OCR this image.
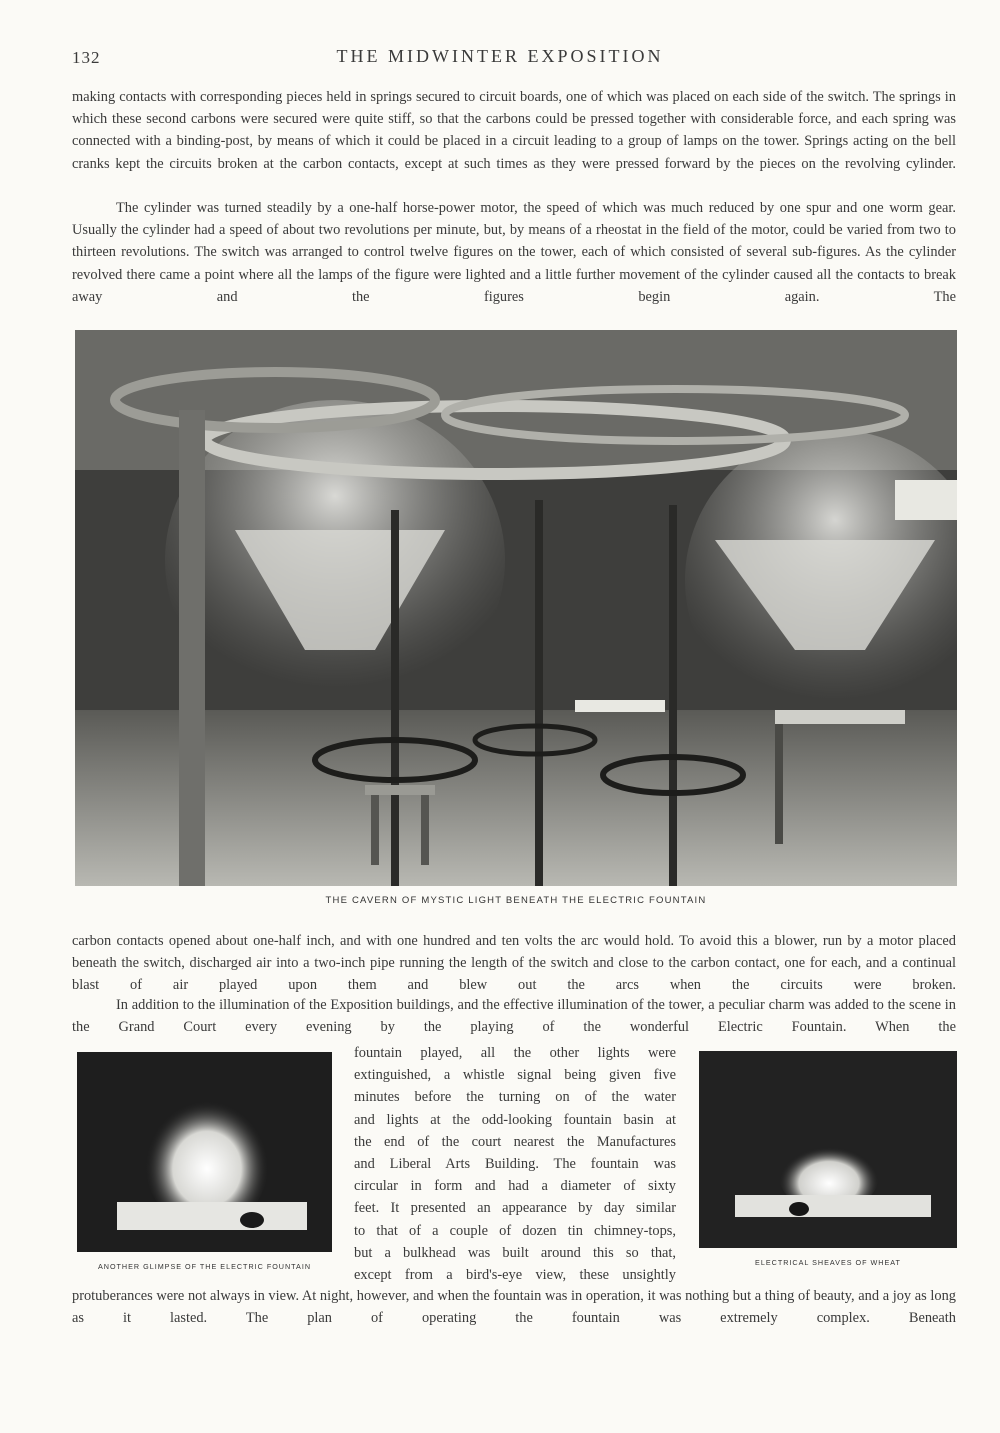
132	THE MIDWINTER EXPOSITION

making contacts with corresponding pieces held in springs secured to circuit boards, one of which was placed on each side of the switch. The springs in which these second carbons were secured were quite stiff, so that the carbons could be pressed together with considerable force, and each spring was connected with a binding-post, by means of which it could be placed in a circuit leading to a group of lamps on the tower. Springs acting on the bell cranks kept the circuits broken at the carbon contacts, except at such times as they were pressed forward by the pieces on the revolving cylinder.

The cylinder was turned steadily by a one-half horse-power motor, the speed of which was much reduced by one spur and one worm gear. Usually the cylinder had a speed of about two revolutions per minute, but, by means of a rheostat in the field of the motor, could be varied from two to thirteen revolutions. The switch was arranged to control twelve figures on the tower, each of which consisted of several sub-figures. As the cylinder revolved there came a point where all the lamps of the figure were lighted and a little further movement of the cylinder caused all the contacts to break away and the figures begin again. The

THE CAVERN OF MYSTIC LIGHT BENEATH THE ELECTRIC FOUNTAIN

carbon contacts opened about one-half inch, and with one hundred and ten volts the arc would hold. To avoid this a blower, run by a motor placed beneath the switch, discharged air into a two-inch pipe running the length of the switch and close to the carbon contact, one for each, and a continual blast of air played upon them and blew out the arcs when the circuits were broken.

In addition to the illumination of the Exposition buildings, and the effective illumination of the tower, a peculiar charm was added to the scene in the Grand Court every evening by the playing of the wonderful Electric Fountain. When the

ANOTHER GLIMPSE OF THE ELECTRIC FOUNTAIN	ELECTRICAL SHEAVES OF WHEAT
fountain played, all the other lights were
extinguished, a whistle signal being given five
minutes before the turning on of the water
and lights at the odd-looking fountain basin at
the end of the court nearest the Manufactures
and Liberal Arts Building. The fountain was
circular in form and had a diameter of sixty
feet. It presented an appearance by day similar
to that of a couple of dozen tin chimney-tops,
but a bulkhead was built around this so that,
except from a bird's-eye view, these unsightly

protuberances were not always in view. At night, however, and when the fountain was in operation, it was nothing but a thing of beauty, and a joy as long as it lasted. The plan of operating the fountain was extremely complex. Beneath
